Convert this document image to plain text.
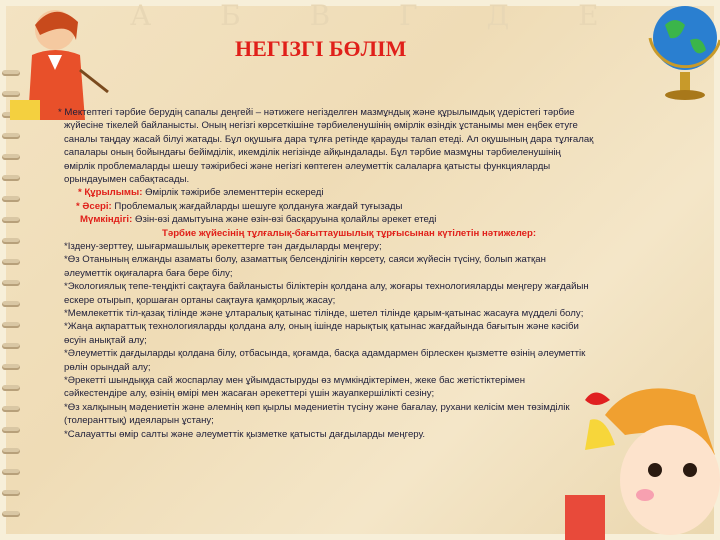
А Б В Г Д Е
НЕГІЗГІ БӨЛІМ
* Мектептегі тәрбие берудің сапалы деңгейі – нәтижеге негізделген мазмұндық және құрылымдық үдерістегі тәрбие
жүйесіне тікелей байланысты. Оның негізгі көрсеткішіне тәрбиеленушінің өмірлік өзіндік ұстанымы мен еңбек етуге
саналы таңдау жасай білуі жатады. Бұл оқушыға дара тұлға ретінде қарауды талап етеді. Ал оқушының дара тұлғалақ
сапалары оның бойындағы бейімділік, икемділік негізінде айқындалады. Бұл тәрбие мазмұны тәрбиеленушінің
өмірлік проблемаларды шешу тәжірибесі және негізгі көптеген әлеуметтік салаларға қатысты функцияларды
орындауымен сабақтасады.
* Құрылымы: Өмірлік тәжірибе элементтерін ескереді
* Әсері: Проблемалық жағдайларды шешуге қолдануға жағдай туғызады
Мүмкіндігі: Өзін-өзі дамытуына және өзін-өзі басқаруына қолайлы әрекет етеді
Тәрбие жүйесінің тұлғалық-бағыттаушылық тұрғысынан күтілетін нәтижелер:
*Іздену-зерттеу, шығармашылық әрекеттерге тән дағдыларды меңгеру;
*Өз Отанының елжанды азаматы болу, азаматтық белсенділігін көрсету, саяси жүйесін түсіну, болып жатқан
әлеуметтік оқиғаларға баға бере білу;
*Экологиялық тепе-теңдікті сақтауға байланысты біліктерін қолдана алу, жоғары технологияларды меңгеру жағдайын
ескере отырып, қоршаған ортаны сақтауға қамқорлық жасау;
*Мемлекеттік тіл-қазақ тілінде және ұлтаралық қатынас тілінде, шетел тілінде қарым-қатынас жасауға мүдделі болу;
*Жаңа ақпараттық технологияларды қолдана алу, оның ішінде нарықтық қатынас жағдайында бағытын және кәсіби
өсуін анықтай алу;
*Әлеуметтік дағдыларды қолдана білу, отбасында, қоғамда, басқа адамдармен бірлескен қызметте өзінің әлеуметтік
рөлін орындай алу;
*Әрекетті шындыққа сай жоспарлау мен ұйымдастыруды өз мүмкіндіктерімен, жеке бас жетістіктерімен
сәйкестендіре алу, өзінің өмірі мен жасаған әрекеттері үшін жауапкершілікті сезіну;
*Өз халқының мәдениетін және әлемнің көп қырлы мәдениетін түсіну және бағалау, рухани келісім мен төзімділік
(толеранттық) идеяларын ұстану;
*Салауатты өмір салты және әлеуметтік қызметке қатысты дағдыларды меңгеру.
